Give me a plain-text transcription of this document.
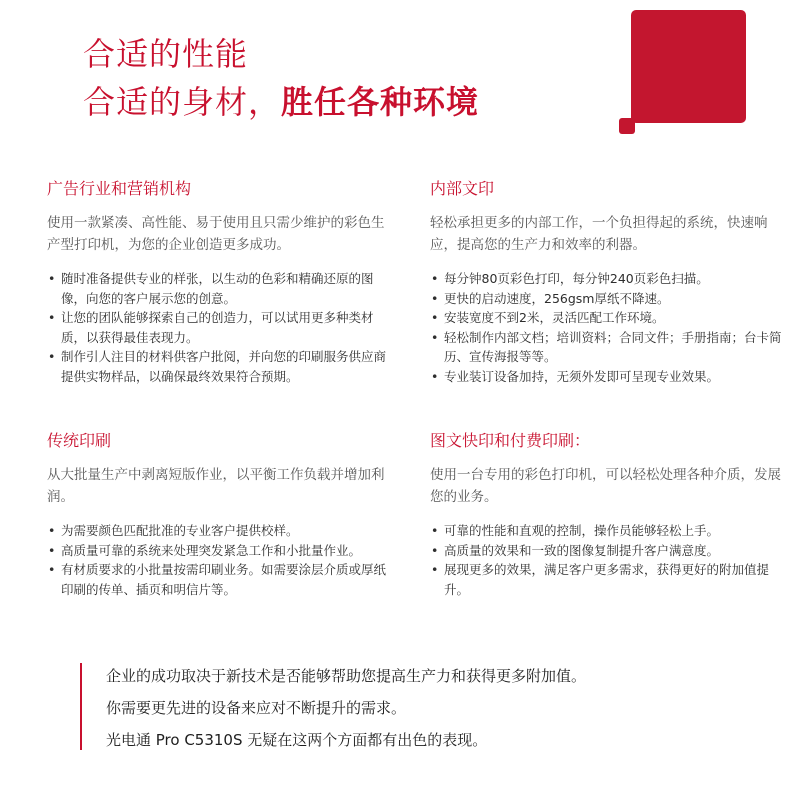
合适的性能
合适的身材，胜任各种环境
广告行业和营销机构
使用一款紧凑、高性能、易于使用且只需少维护的彩色生产型打印机，为您的企业创造更多成功。
• 随时准备提供专业的样张，以生动的色彩和精确还原的图像，向您的客户展示您的创意。
• 让您的团队能够探索自己的创造力，可以试用更多种类材质，以获得最佳表现力。
• 制作引人注目的材料供客户批阅，并向您的印刷服务供应商提供实物样品，以确保最终效果符合预期。
内部文印
轻松承担更多的内部工作，一个负担得起的系统，快速响应，提高您的生产力和效率的利器。
• 每分钟80页彩色打印，每分钟240页彩色扫描。
• 更快的启动速度，256gsm厚纸不降速。
• 安装宽度不到2米，灵活匹配工作环境。
• 轻松制作内部文档；培训资料；合同文件；手册指南；台卡简历、宣传海报等等。
• 专业装订设备加持，无须外发即可呈现专业效果。
传统印刷
从大批量生产中剥离短版作业，以平衡工作负载并增加利润。
• 为需要颜色匹配批准的专业客户提供校样。
• 高质量可靠的系统来处理突发紧急工作和小批量作业。
• 有材质要求的小批量按需印刷业务。如需要涂层介质或厚纸印刷的传单、插页和明信片等。
图文快印和付费印刷：
使用一台专用的彩色打印机，可以轻松处理各种介质，发展您的业务。
• 可靠的性能和直观的控制，操作员能够轻松上手。
• 高质量的效果和一致的图像复制提升客户满意度。
• 展现更多的效果，满足客户更多需求，获得更好的附加值提升。
企业的成功取决于新技术是否能够帮助您提高生产力和获得更多附加值。
你需要更先进的设备来应对不断提升的需求。
光电通 Pro C5310S 无疑在这两个方面都有出色的表现。
